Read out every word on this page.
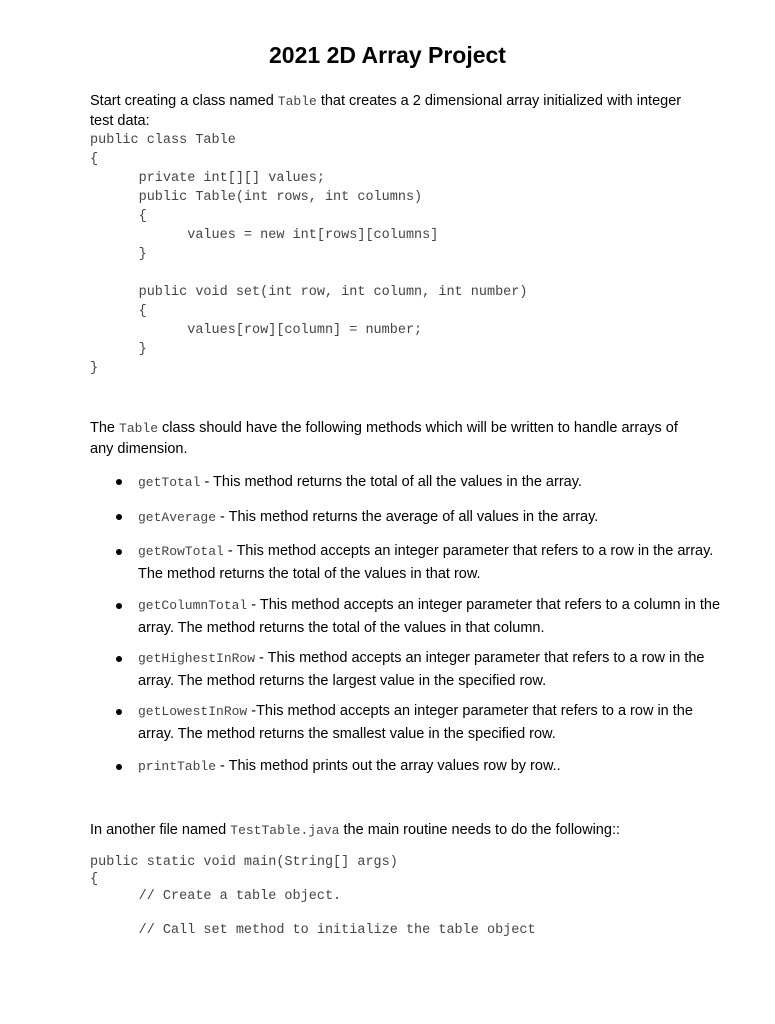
2021 2D Array Project
Start creating a class named Table that creates a 2 dimensional array initialized with integer
test data:
public class Table
{
private int[][] values;
public Table(int rows, int columns)
{
values = new int[rows][columns]
}
public void set(int row, int column, int number)
{
values[row][column] = number;
}
}
The Table class should have the following methods which will be written to handle arrays of
any dimension.
getTotal - This method returns the total of all the values in the array.
getAverage - This method returns the average of all values in the array.
getRowTotal - This method accepts an integer parameter that refers to a row in the array. The method returns the total of the values in that row.
getColumnTotal - This method accepts an integer parameter that refers to a column in the array. The method returns the total of the values in that column.
getHighestInRow - This method accepts an integer parameter that refers to a row in the array. The method returns the largest value in the specified row.
getLowestInRow -This method accepts an integer parameter that refers to a row in the array. The method returns the smallest value in the specified row.
printTable - This method prints out the array values row by row..
In another file named TestTable.java the main routine needs to do the following::
public static void main(String[] args)
{
// Create a table object.
// Call set method to initialize the table object
